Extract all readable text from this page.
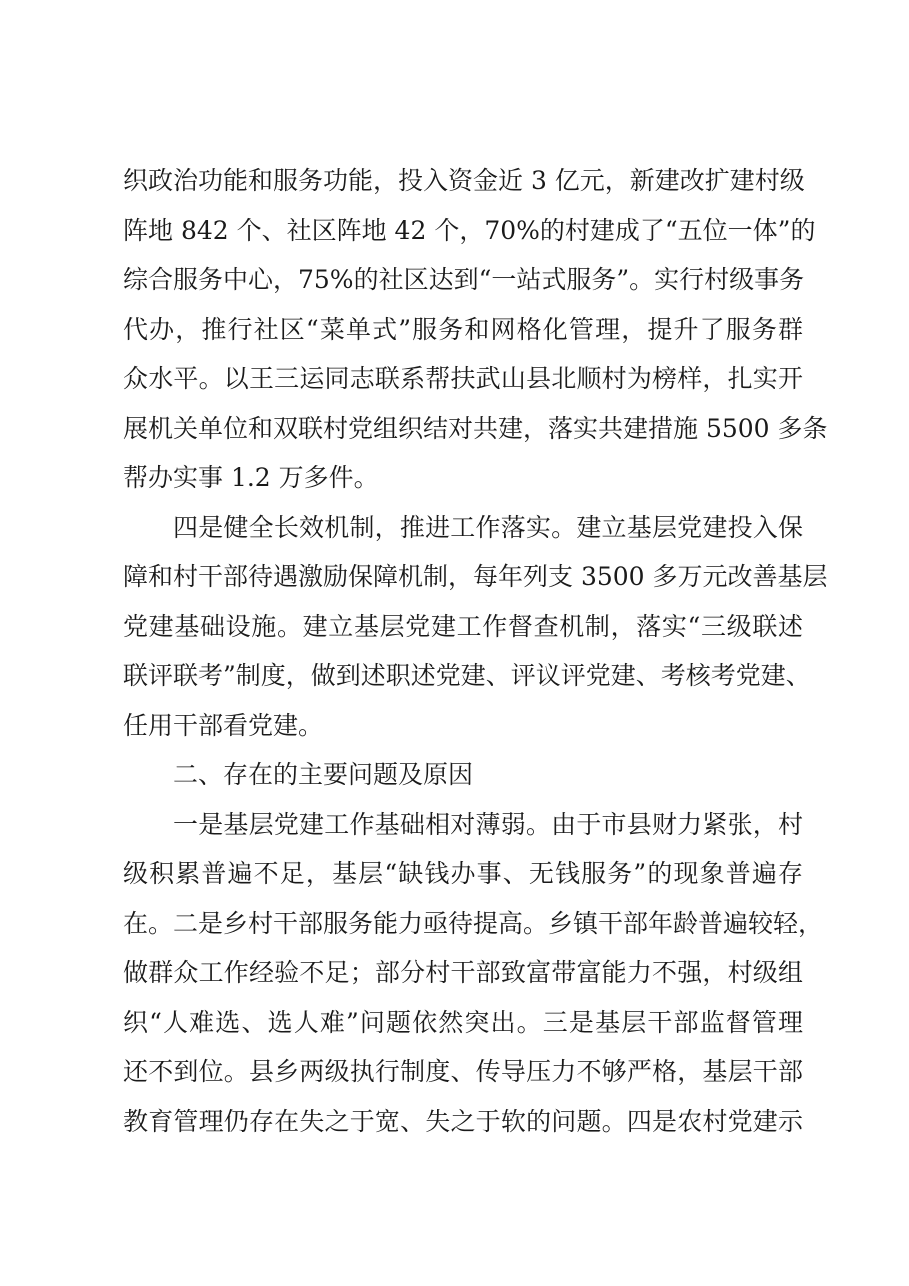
织政治功能和服务功能，投入资金近 3 亿元，新建改扩建村级

阵地 842 个、社区阵地 42 个，70%的村建成了“五位一体”的

综合服务中心，75%的社区达到“一站式服务”。实行村级事务

代办，推行社区“菜单式”服务和网格化管理，提升了服务群

众水平。以王三运同志联系帮扶武山县北顺村为榜样，扎实开

展机关单位和双联村党组织结对共建，落实共建措施 5500 多条

帮办实事 1.2 万多件。

四是健全长效机制，推进工作落实。建立基层党建投入保

障和村干部待遇激励保障机制，每年列支 3500 多万元改善基层

党建基础设施。建立基层党建工作督查机制，落实“三级联述

联评联考”制度，做到述职述党建、评议评党建、考核考党建、

任用干部看党建。

二、存在的主要问题及原因

一是基层党建工作基础相对薄弱。由于市县财力紧张，村

级积累普遍不足，基层“缺钱办事、无钱服务”的现象普遍存

在。二是乡村干部服务能力亟待提高。乡镇干部年龄普遍较轻，

做群众工作经验不足；部分村干部致富带富能力不强，村级组

织“人难选、选人难”问题依然突出。三是基层干部监督管理

还不到位。县乡两级执行制度、传导压力不够严格，基层干部

教育管理仍存在失之于宽、失之于软的问题。四是农村党建示
